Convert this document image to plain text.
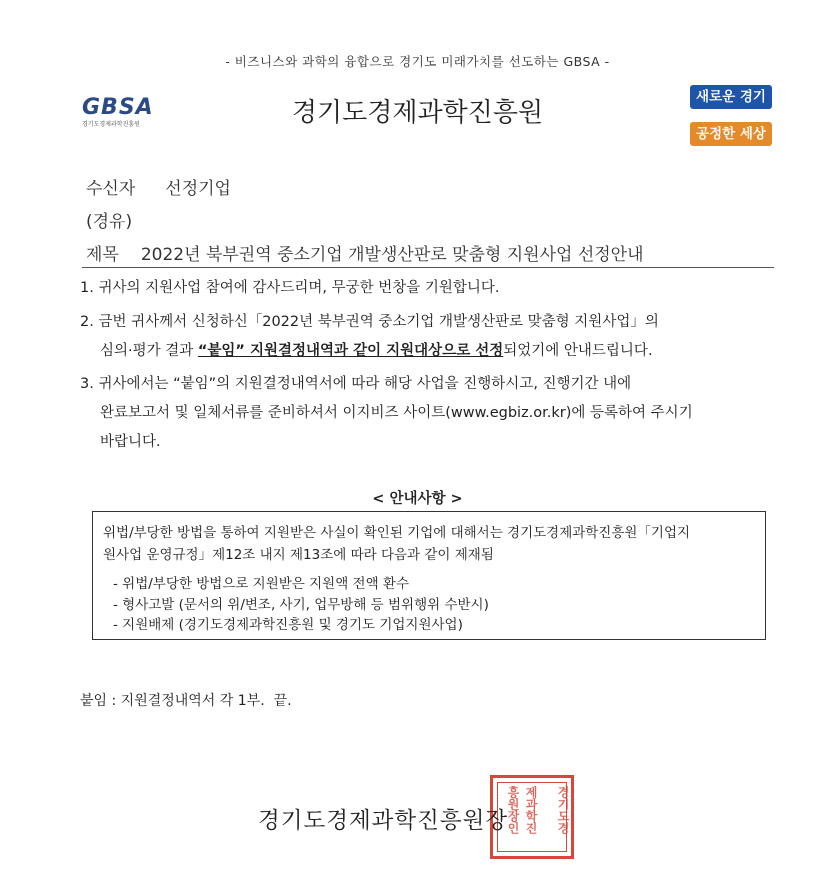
- 비즈니스와 과학의 융합으로 경기도 미래가치를 선도하는 GBSA -
GBSA
경기도경제과학진흥원	경기도경제과학진흥원
새로운 경기
공정한 세상
수신자 선정기업
(경유)
제목 2022년 북부권역 중소기업 개발생산판로 맞춤형 지원사업 선정안내
1. 귀사의 지원사업 참여에 감사드리며, 무궁한 번창을 기원합니다.
2. 금번 귀사께서 신청하신「2022년 북부권역 중소기업 개발생산판로 맞춤형 지원사업」의
심의·평가 결과 “붙임” 지원결정내역과 같이 지원대상으로 선정되었기에 안내드립니다.
3. 귀사에서는 “붙임”의 지원결정내역서에 따라 해당 사업을 진행하시고, 진행기간 내에
완료보고서 및 일체서류를 준비하셔서 이지비즈 사이트(www.egbiz.or.kr)에 등록하여 주시기
바랍니다.
< 안내사항 >
위법/부당한 방법을 통하여 지원받은 사실이 확인된 기업에 대해서는 경기도경제과학진흥원「기업지
원사업 운영규정」제12조 내지 제13조에 따라 다음과 같이 제재됨
- 위법/부당한 방법으로 지원받은 지원액 전액 환수
- 형사고발 (문서의 위/변조, 사기, 업무방해 등 범위행위 수반시)
- 지원배제 (경기도경제과학진흥원 및 경기도 기업지원사업)
붙임 : 지원결정내역서 각 1부.  끝.
경기도경
제과학진
흥원장인
경기도경제과학진흥원장
